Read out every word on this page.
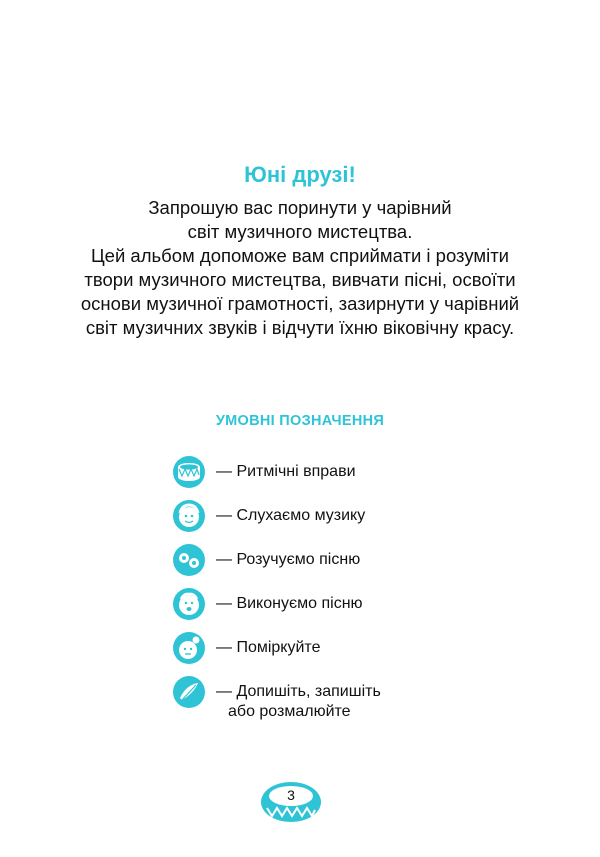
Юні друзі!
Запрошую вас поринути у чарівний
світ музичного мистецтва.
Цей альбом допоможе вам сприймати і розуміти
твори музичного мистецтва, вивчати пісні, освоїти
основи музичної грамотності, зазирнути у чарівний
світ музичних звуків і відчути їхню віковічну красу.
УМОВНІ ПОЗНАЧЕННЯ
— Ритмічні вправи
— Слухаємо музику
— Розучуємо пісню
— Виконуємо пісню
— Поміркуйте
— Допишіть, запишіть
або розмалюйте
3
